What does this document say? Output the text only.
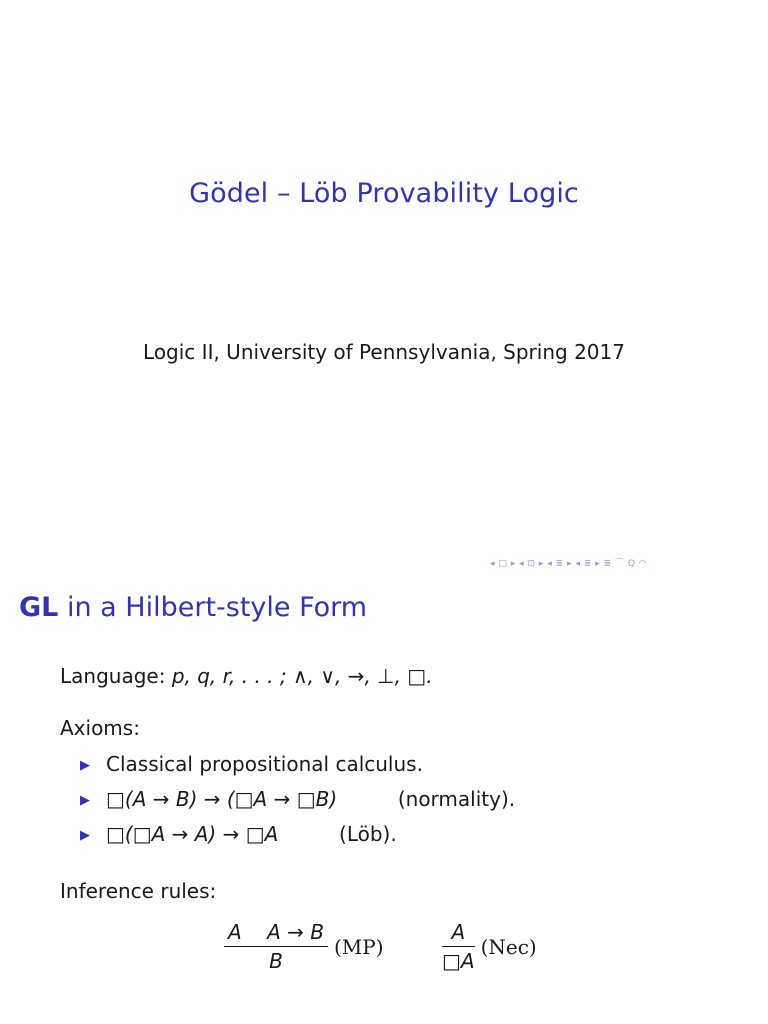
Gödel – Löb Provability Logic
Logic II, University of Pennsylvania, Spring 2017
◂ □ ▸ ◂ ⊡ ▸ ◂ ≣ ▸ ◂ ≣ ▸ ≣ ⌒ Q ◠
GL in a Hilbert-style Form
Language: p, q, r, . . . ; ∧, ∨, →, ⊥, □.
Axioms:
▶ Classical propositional calculus.
▶ □(A → B) → (□A → □B)	(normality).
▶ □(□A → A) → □A	(Löb).
Inference rules:
$\frac{\text{A    A → B}}{B} (MP)$	$\frac{A}{□A} (Nec)$
